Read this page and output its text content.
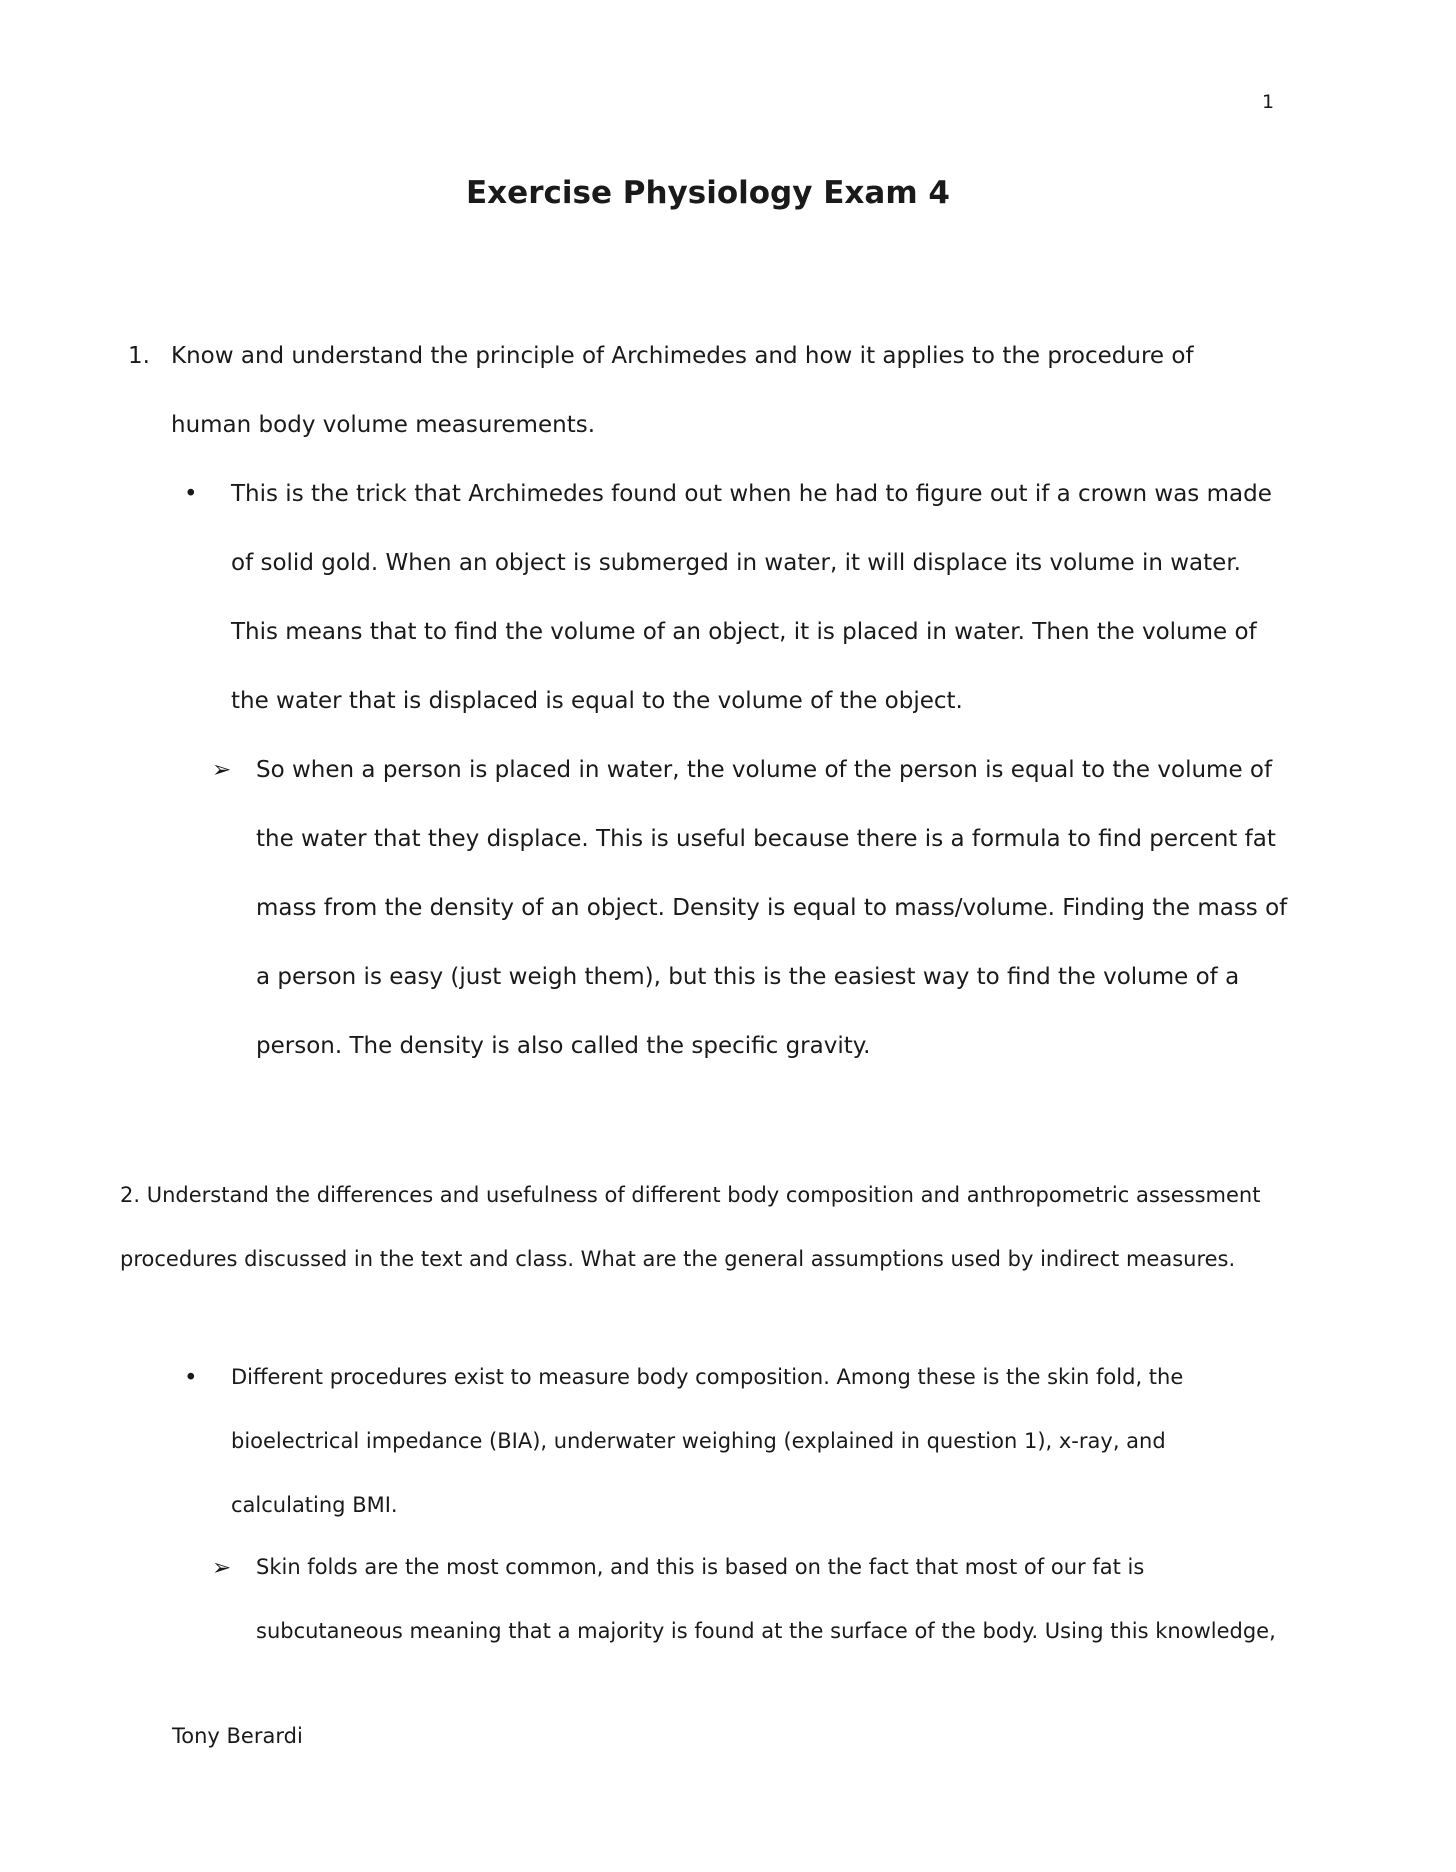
1
Exercise Physiology Exam 4
1. Know and understand the principle of Archimedes and how it applies to the procedure of human body volume measurements.

• This is the trick that Archimedes found out when he had to figure out if a crown was made of solid gold. When an object is submerged in water, it will displace its volume in water. This means that to find the volume of an object, it is placed in water. Then the volume of the water that is displaced is equal to the volume of the object.

➢ So when a person is placed in water, the volume of the person is equal to the volume of the water that they displace. This is useful because there is a formula to find percent fat mass from the density of an object. Density is equal to mass/volume. Finding the mass of a person is easy (just weigh them), but this is the easiest way to find the volume of a person. The density is also called the specific gravity.

2. Understand the differences and usefulness of different body composition and anthropometric assessment procedures discussed in the text and class. What are the general assumptions used by indirect measures.

• Different procedures exist to measure body composition. Among these is the skin fold, the bioelectrical impedance (BIA), underwater weighing (explained in question 1), x-ray, and calculating BMI.

➢ Skin folds are the most common, and this is based on the fact that most of our fat is subcutaneous meaning that a majority is found at the surface of the body. Using this knowledge,

Tony Berardi
